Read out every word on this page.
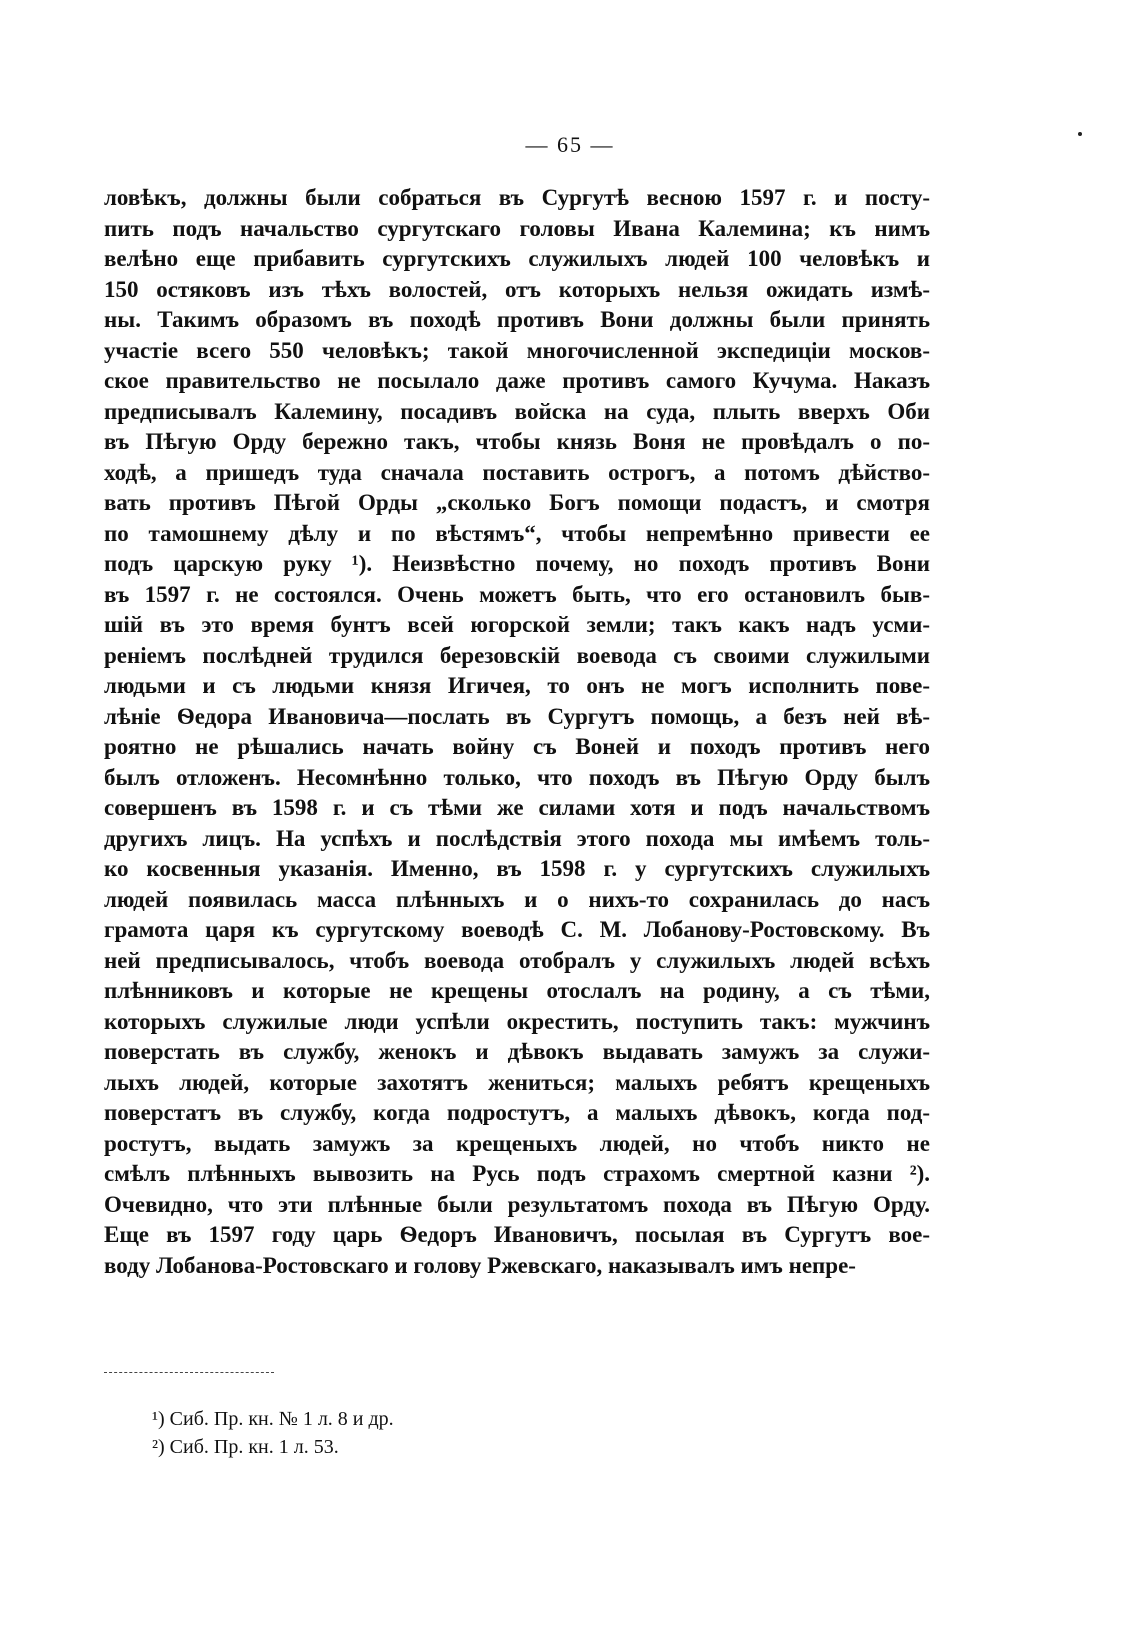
— 65 —
ловѣкъ, должны были собраться въ Сургутѣ весною 1597 г. и посту-
пить подъ начальство сургутскаго головы Ивана Калемина; къ нимъ
велѣно еще прибавить сургутскихъ служилыхъ людей 100 человѣкъ и
150 остяковъ изъ тѣхъ волостей, отъ которыхъ нельзя ожидать измѣ-
ны. Такимъ образомъ въ походѣ противъ Вони должны были принять
участіе всего 550 человѣкъ; такой многочисленной экспедиціи москов-
ское правительство не посылало даже противъ самого Кучума. Наказъ
предписывалъ Калемину, посадивъ войска на суда, плыть вверхъ Оби
въ Пѣгую Орду бережно такъ, чтобы князь Воня не провѣдалъ о по-
ходѣ, а пришедъ туда сначала поставить острогъ, а потомъ дѣйство-
вать противъ Пѣгой Орды „сколько Богъ помощи подастъ, и смотря
по тамошнему дѣлу и по вѣстямъ“, чтобы непремѣнно привести ее
подъ царскую руку ¹). Неизвѣстно почему, но походъ противъ Вони
въ 1597 г. не состоялся. Очень можетъ быть, что его остановилъ быв-
шій въ это время бунтъ всей югорской земли; такъ какъ надъ усми-
реніемъ послѣдней трудился березовскій воевода съ своими служилыми
людьми и съ людьми князя Игичея, то онъ не могъ исполнить пове-
лѣніе Ѳедора Ивановича—послать въ Сургутъ помощь, а безъ ней вѣ-
роятно не рѣшались начать войну съ Воней и походъ противъ него
былъ отложенъ. Несомнѣнно только, что походъ въ Пѣгую Орду былъ
совершенъ въ 1598 г. и съ тѣми же силами хотя и подъ начальствомъ
другихъ лицъ. На успѣхъ и послѣдствія этого похода мы имѣемъ толь-
ко косвенныя указанія. Именно, въ 1598 г. у сургутскихъ служилыхъ
людей появилась масса плѣнныхъ и о нихъ-то сохранилась до насъ
грамота царя къ сургутскому воеводѣ С. М. Лобанову-Ростовскому. Въ
ней предписывалось, чтобъ воевода отобралъ у служилыхъ людей всѣхъ
плѣнниковъ и которые не крещены отослалъ на родину, а съ тѣми,
которыхъ служилые люди успѣли окрестить, поступить такъ: мужчинъ
поверстать въ службу, женокъ и дѣвокъ выдавать замужъ за служи-
лыхъ людей, которые захотятъ жениться; малыхъ ребятъ крещеныхъ
поверстатъ въ службу, когда подростутъ, а малыхъ дѣвокъ, когда под-
ростутъ, выдать замужъ за крещеныхъ людей, но чтобъ никто не
смѣлъ плѣнныхъ вывозить на Русь подъ страхомъ смертной казни ²).
Очевидно, что эти плѣнные были результатомъ похода въ Пѣгую Орду.
Еще въ 1597 году царь Ѳедоръ Ивановичъ, посылая въ Сургутъ вое-
воду Лобанова-Ростовскаго и голову Ржевскаго, наказывалъ имъ непре-
¹) Сиб. Пр. кн. № 1 л. 8 и др.
²) Сиб. Пр. кн. 1 л. 53.
